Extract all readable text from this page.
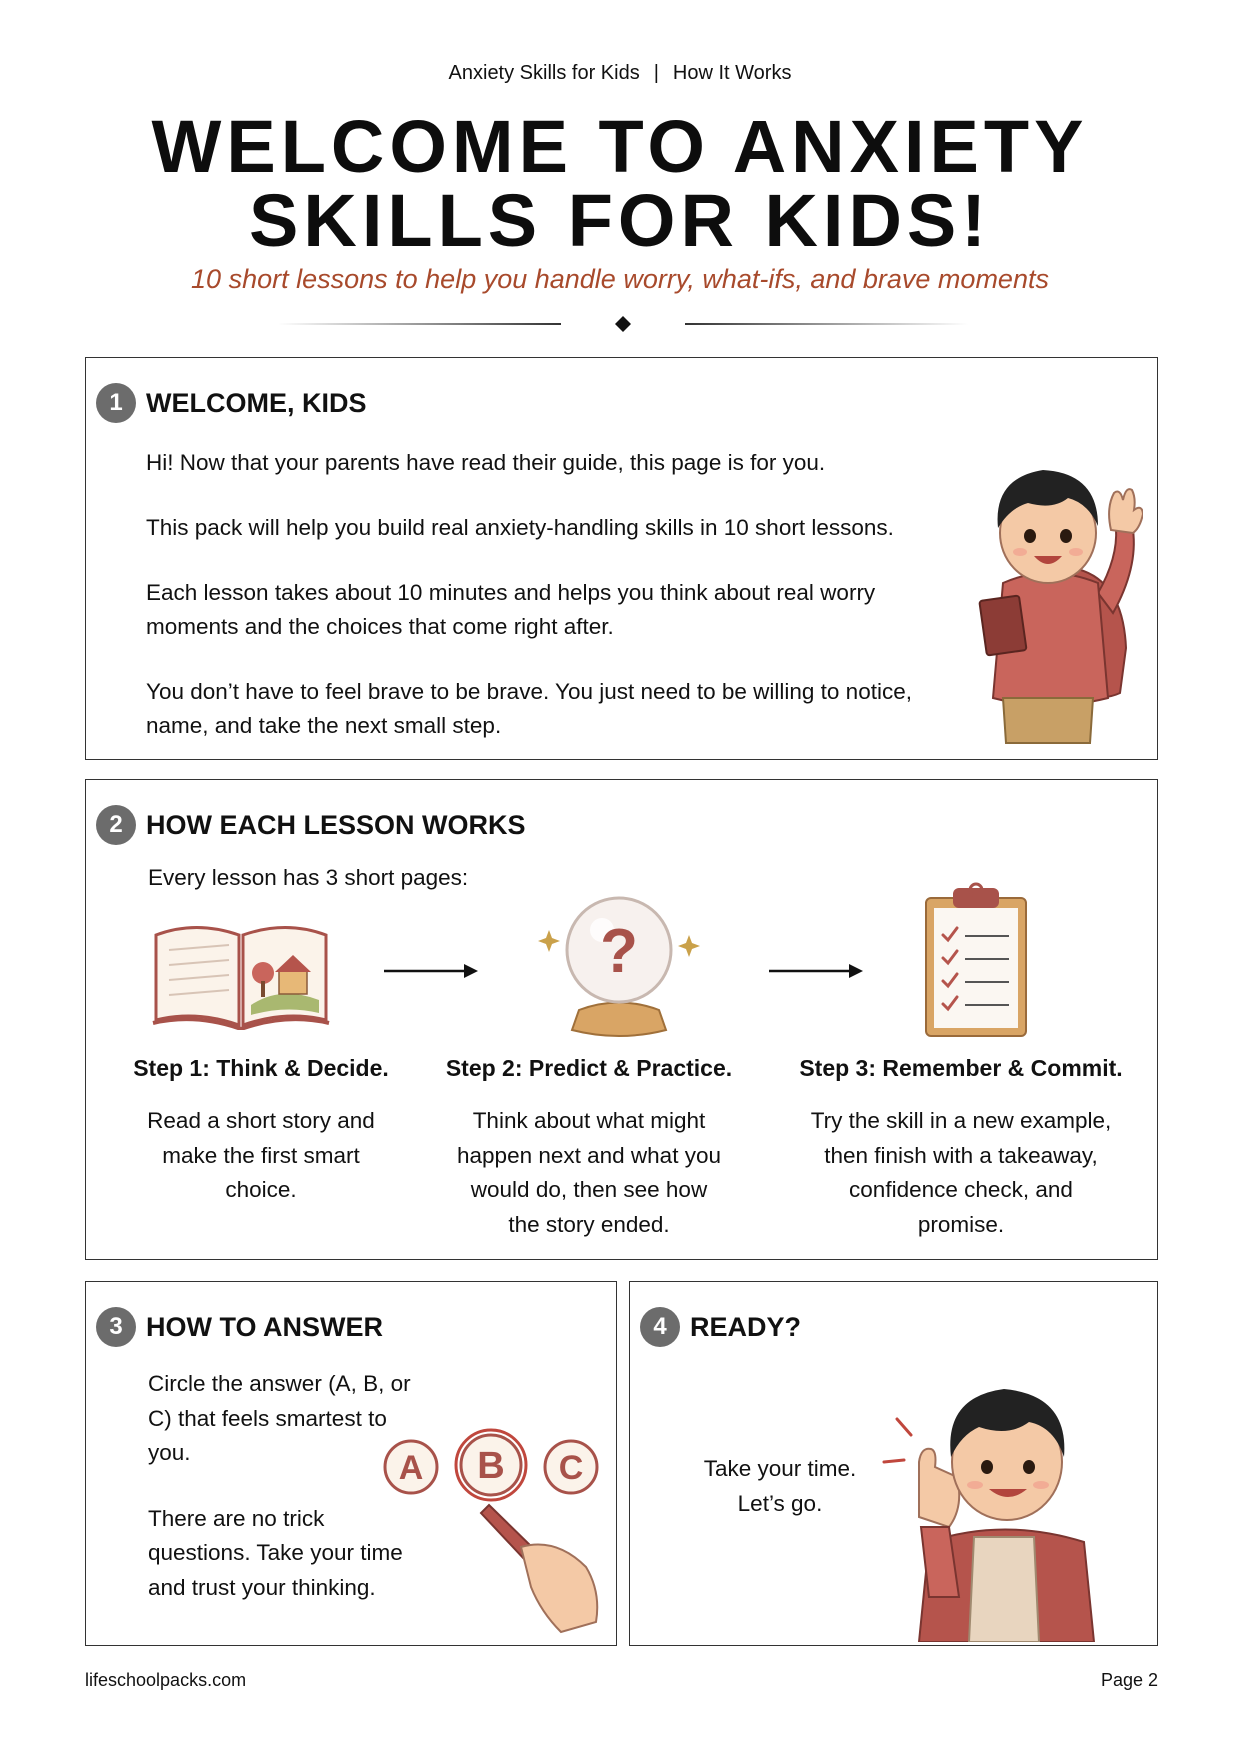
Anxiety Skills for Kids | How It Works
WELCOME TO ANXIETY
SKILLS FOR KIDS!
10 short lessons to help you handle worry, what-ifs, and brave moments
1 WELCOME, KIDS

Hi! Now that your parents have read their guide, this page is for you.

This pack will help you build real anxiety-handling skills in 10 short lessons.

Each lesson takes about 10 minutes and helps you think about real worry moments and the choices that come right after.

You don’t have to feel brave to be brave. You just need to be willing to notice, name, and take the next small step.

2 HOW EACH LESSON WORKS
Every lesson has 3 short pages:
?
Step 1: Think & Decide.
Read a short story and make the first smart choice.
Step 2: Predict & Practice.
Think about what might happen next and what you would do, then see how the story ended.
Step 3: Remember & Commit.
Try the skill in a new example, then finish with a takeaway, confidence check, and promise.
3 HOW TO ANSWER

Circle the answer (A, B, or C) that feels smartest to you.

There are no trick questions. Take your time and trust your thinking.

A B C
4 READY?
Take your time.
Let’s go.
lifeschoolpacks.com	Page 2
